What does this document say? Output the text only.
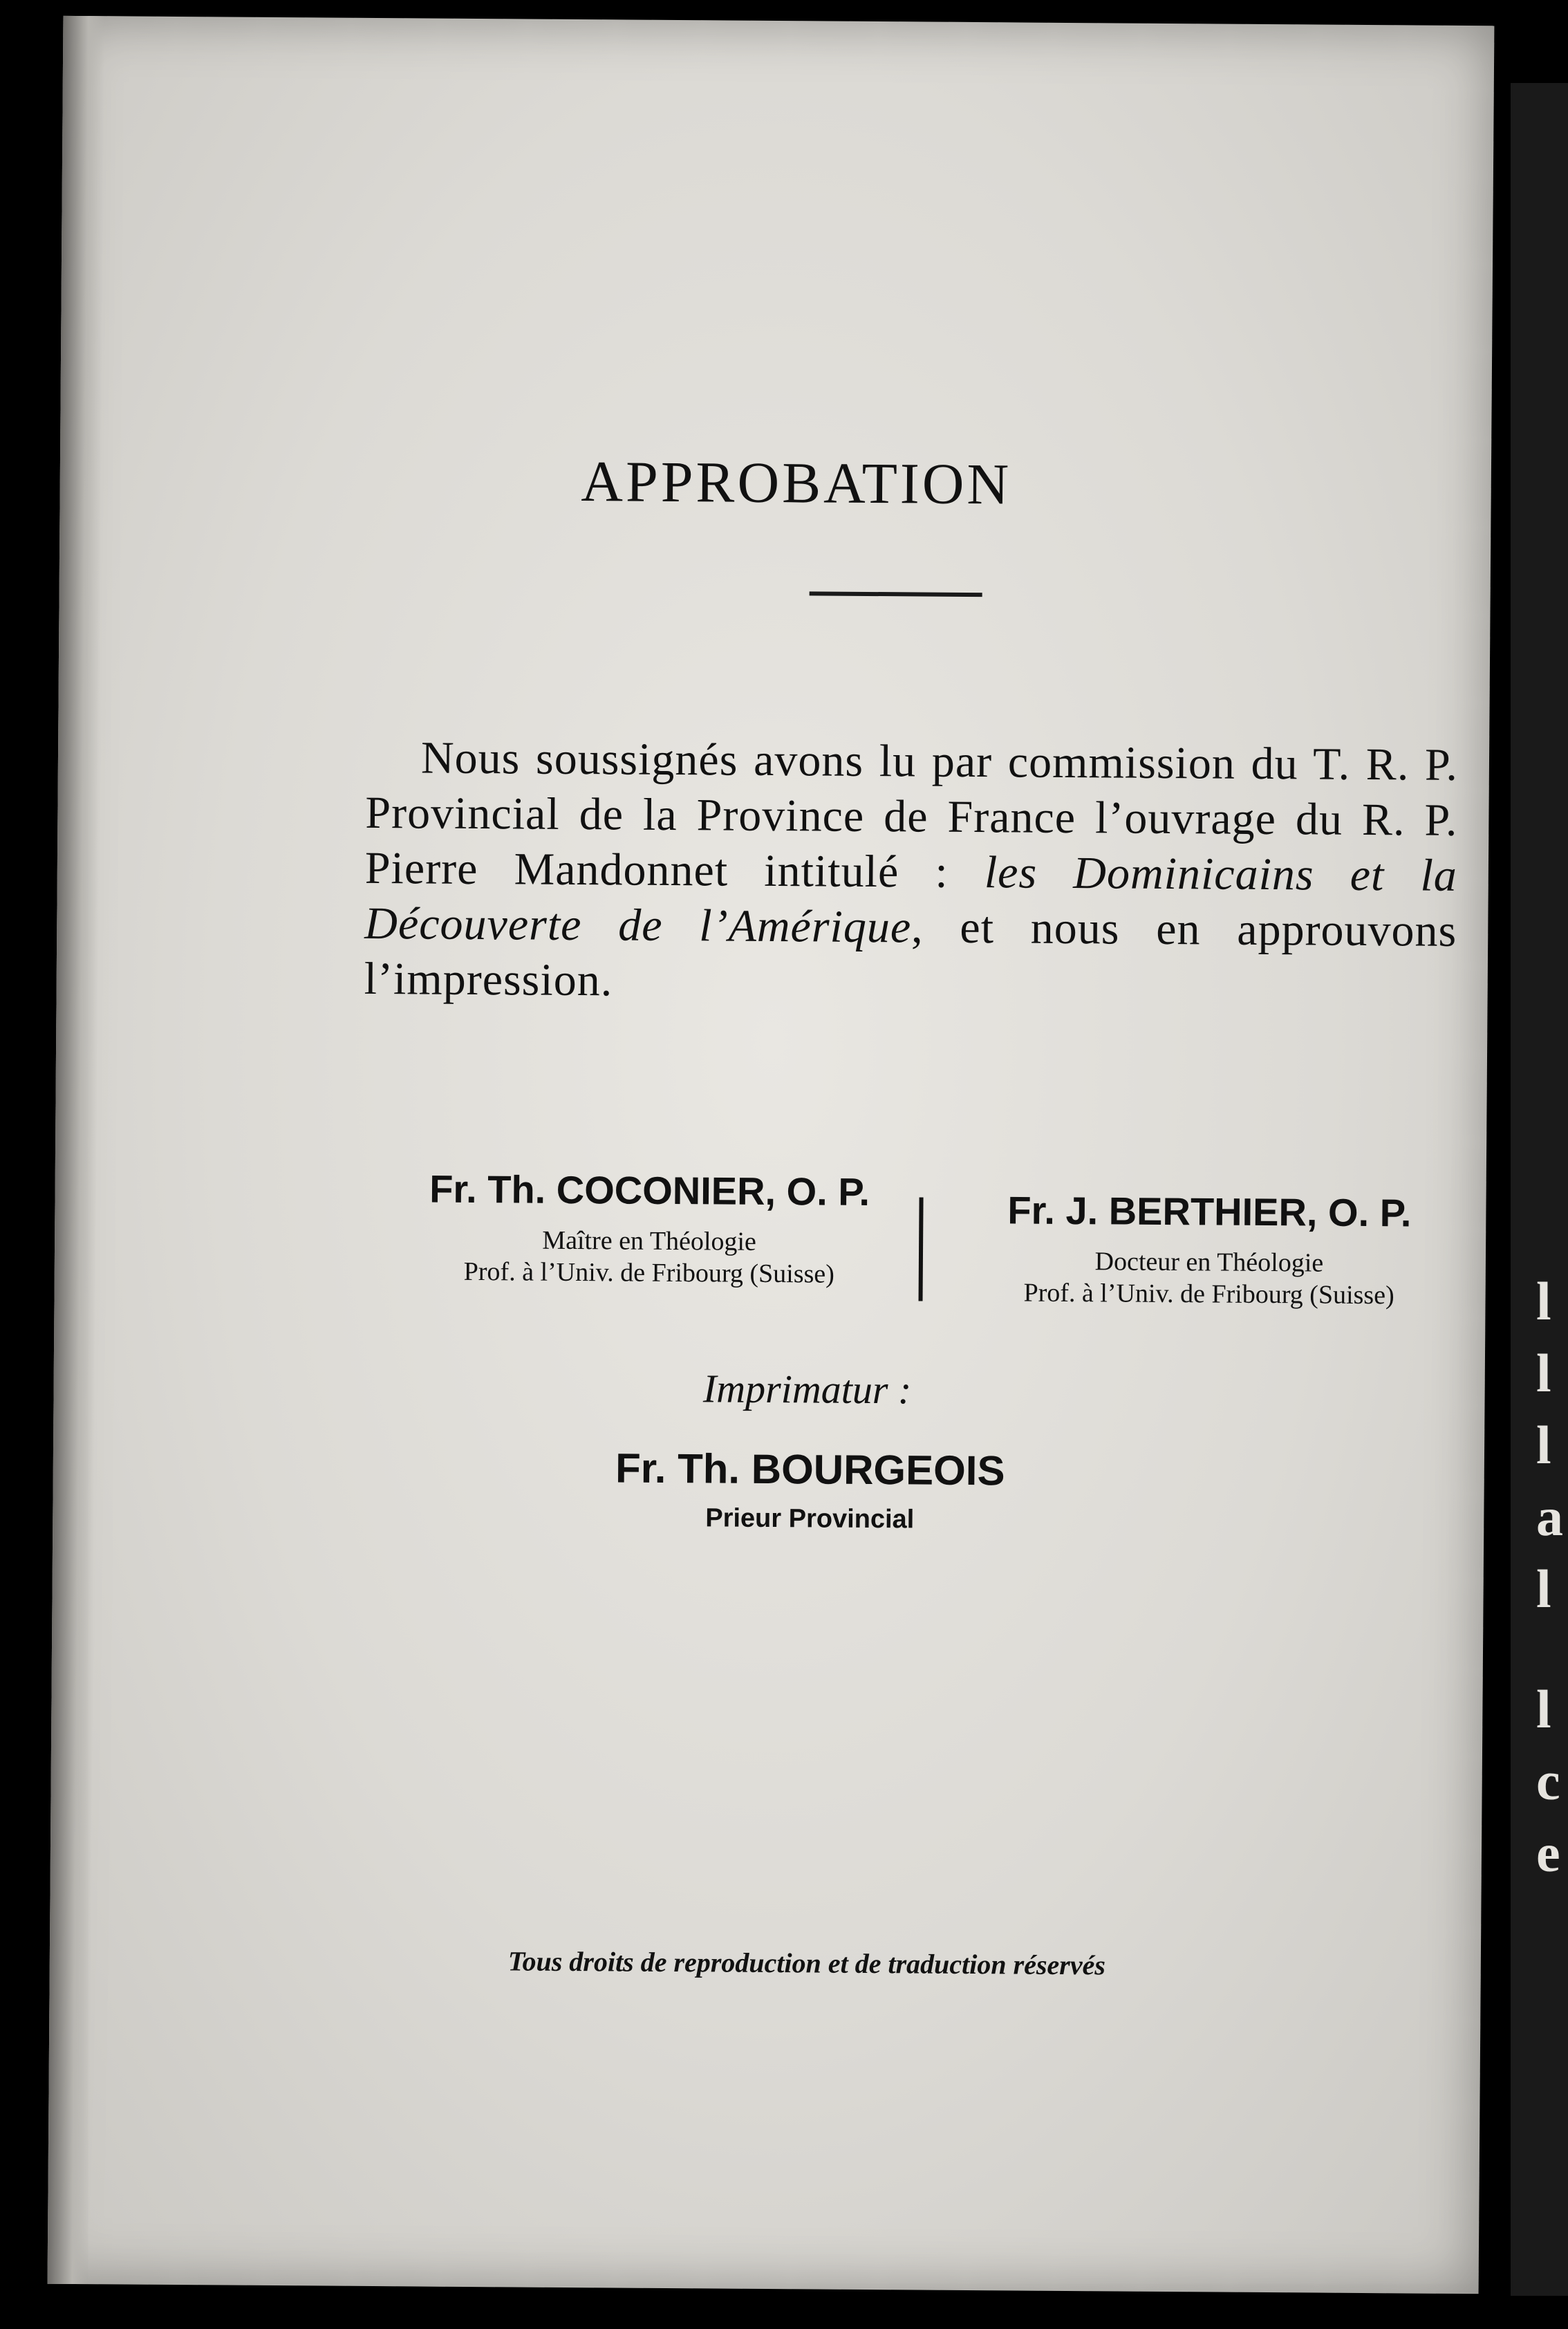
APPROBATION

Nous soussignés avons lu par commission du T. R. P. Provincial de la Province de France l’ouvrage du R. P. Pierre Mandonnet intitulé : les Dominicains et la Découverte de l’Amérique, et nous en approuvons l’impression.

Fr. Th. COCONIER, O. P.
Maître en Théologie
Prof. à l’Univ. de Fribourg (Suisse)
Fr. J. BERTHIER, O. P.
Docteur en Théologie
Prof. à l’Univ. de Fribourg (Suisse)
Imprimatur :
Fr. Th. BOURGEOIS
Prieur Provincial
Tous droits de reproduction et de traduction réservés
l
l
l
a
l
l
c
e
